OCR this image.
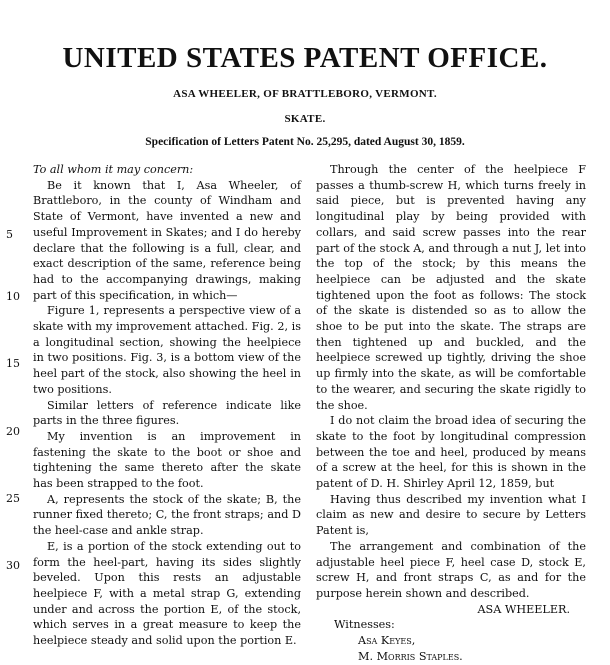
UNITED STATES PATENT OFFICE.
ASA WHEELER, OF BRATTLEBORO, VERMONT.
SKATE.
Specification of Letters Patent No. 25,295, dated August 30, 1859.
5
10
15
20
25
30

To all whom it may concern:

Be it known that I, Asa Wheeler, of Brattleboro, in the county of Windham and State of Vermont, have invented a new and useful Improvement in Skates; and I do hereby declare that the following is a full, clear, and exact description of the same, reference being had to the accompanying drawings, making part of this specification, in which—

Figure 1, represents a perspective view of a skate with my improvement attached. Fig. 2, is a longitudinal section, showing the heelpiece in two positions. Fig. 3, is a bottom view of the heel part of the stock, also showing the heel in two positions.

Similar letters of reference indicate like parts in the three figures.

My invention is an improvement in fastening the skate to the boot or shoe and tightening the same thereto after the skate has been strapped to the foot.

A, represents the stock of the skate; B, the runner fixed thereto; C, the front straps; and D the heel-case and ankle strap.

E, is a portion of the stock extending out to form the heel-part, having its sides slightly beveled. Upon this rests an adjustable heelpiece F, with a metal strap G, extending under and across the portion E, of the stock, which serves in a great measure to keep the heelpiece steady and solid upon the portion E.

Through the center of the heelpiece F passes a thumb-screw H, which turns freely in said piece, but is prevented having any longitudinal play by being provided with collars, and said screw passes into the rear part of the stock A, and through a nut J, let into the top of the stock; by this means the heelpiece can be adjusted and the skate tightened upon the foot as follows: The stock of the skate is distended so as to allow the shoe to be put into the skate. The straps are then tightened up and buckled, and the heelpiece screwed up tightly, driving the shoe up firmly into the skate, as will be comfortable to the wearer, and securing the skate rigidly to the shoe.

I do not claim the broad idea of securing the skate to the foot by longitudinal compression between the toe and heel, produced by means of a screw at the heel, for this is shown in the patent of D. H. Shirley April 12, 1859, but

Having thus described my invention what I claim as new and desire to secure by Letters Patent is,

The arrangement and combination of the adjustable heel piece F, heel case D, stock E, screw H, and front straps C, as and for the purpose herein shown and described.

ASA WHEELER.

Witnesses:

Asa Keyes,

M. Morris Staples.
